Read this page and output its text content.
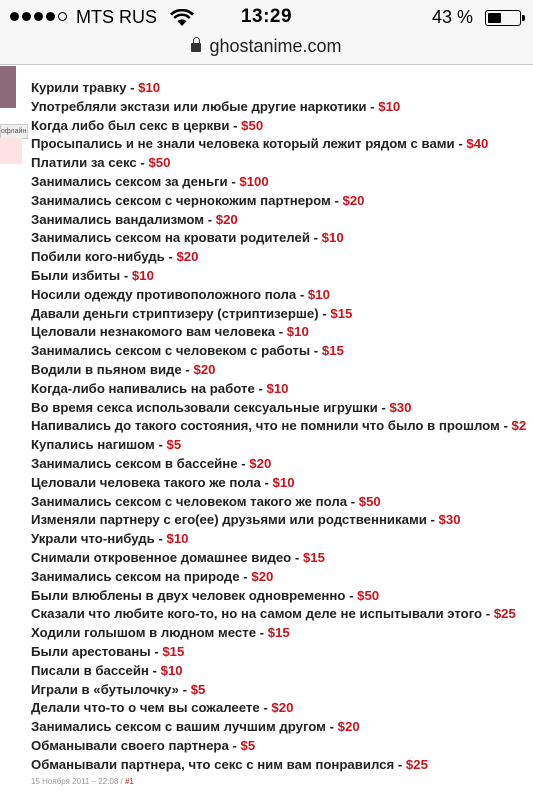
MTS RUS	13:29	43 %
ghostanime.com
офлайн
Курили травку - $10
Употребляли экстази или любые другие наркотики - $10
Когда либо был секс в церкви - $50
Просыпались и не знали человека который лежит рядом с вами - $40
Платили за секс - $50
Занимались сексом за деньги - $100
Занимались сексом с чернокожим партнером - $20
Занимались вандализмом - $20
Занимались сексом на кровати родителей - $10
Побили кого-нибудь - $20
Были избиты - $10
Носили одежду противоположного пола - $10
Давали деньги стриптизеру (стриптизерше) - $15
Целовали незнакомого вам человека - $10
Занимались сексом с человеком с работы - $15
Водили в пьяном виде - $20
Когда-либо напивались на работе - $10
Во время секса использовали сексуальные игрушки - $30
Напивались до такого состояния, что не помнили что было в прошлом - $2
Купались нагишом - $5
Занимались сексом в бассейне - $20
Целовали человека такого же пола - $10
Занимались сексом с человеком такого же пола - $50
Изменяли партнеру с его(ее) друзьями или родственниками - $30
Украли что-нибудь - $10
Снимали откровенное домашнее видео - $15
Занимались сексом на природе - $20
Были влюблены в двух человек одновременно - $50
Сказали что любите кого-то, но на самом деле не испытывали этого - $25
Ходили голышом в людном месте - $15
Были арестованы - $15
Писали в бассейн - $10
Играли в «бутылочку» - $5
Делали что-то о чем вы сожалеете - $20
Занимались сексом с вашим лучшим другом - $20
Обманывали своего партнера - $5
Обманывали партнера, что секс с ним вам понравился - $25
15 Ноября 2011 – 22:08 / #1
